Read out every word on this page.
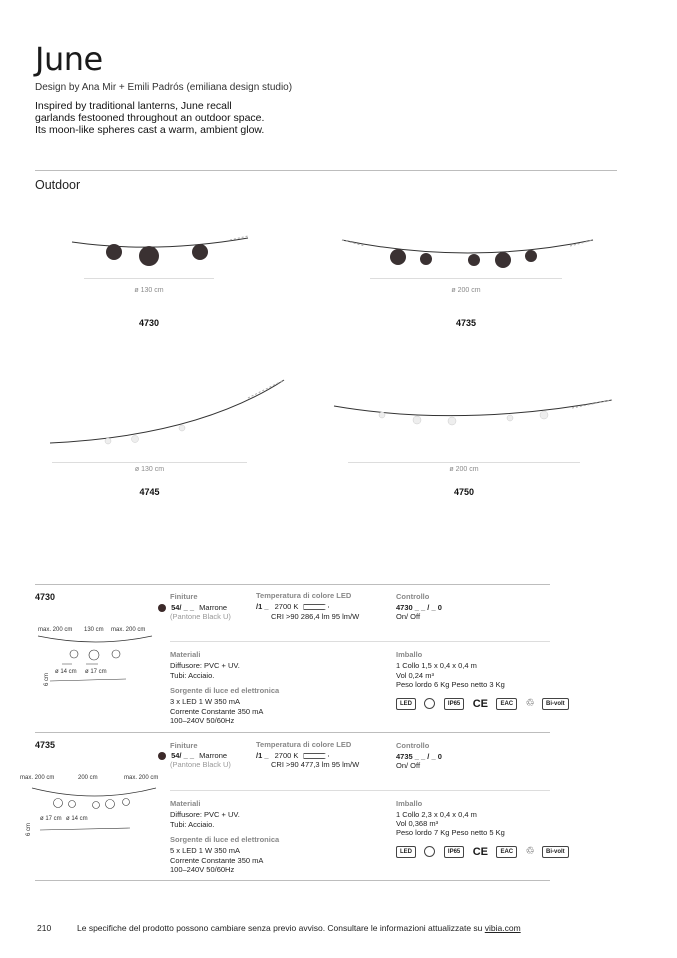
June
Design by Ana Mir + Emili Padrós (emiliana design studio)

Inspired by traditional lanterns, June recall

garlands festooned throughout an outdoor space.

Its moon-like spheres cast a warm, ambient glow.

Outdoor
ø 130 cm
4730
ø 200 cm
4735
ø 130 cm
4745
ø 200 cm
4750
4730
max. 200 cm 130 cm max. 200 cm
ø 14 cm ø 17 cm
6 cm
Finiture
54/ _ _ Marrone
(Pantone Black U)
Temperatura di colore LED
/1 _ 2700 K
CRI >90 286,4 lm 95 lm/W
Controllo
4730 _ _ / _ 0
On/ Off
Materiali
Diffusore: PVC + UV.
Tubi: Acciaio.
Sorgente di luce ed elettronica
3 x LED 1 W 350 mA
Corrente Constante 350 mA
100–240V 50/60Hz
Imballo
1 Collo 1,5 x 0,4 x 0,4 m
Vol 0,24 m³
Peso lordo 6 Kg Peso netto 3 Kg
LED	IP65 CE EAC ♲ Bi-volt
4735
max. 200 cm	200 cm	max. 200 cm
ø 17 cm ø 14 cm
6 cm
Finiture
54/ _ _ Marrone
(Pantone Black U)
Temperatura di colore LED
/1 _ 2700 K
CRI >90 477,3 lm 95 lm/W
Controllo
4735 _ _ / _ 0
On/ Off
Materiali
Diffusore: PVC + UV.
Tubi: Acciaio.
Sorgente di luce ed elettronica
5 x LED 1 W 350 mA
Corrente Constante 350 mA
100–240V 50/60Hz
Imballo
1 Collo 2,3 x 0,4 x 0,4 m
Vol 0,368 m³
Peso lordo 7 Kg Peso netto 5 Kg
LED	IP65 CE EAC ♲ Bi-volt
210	Le specifiche del prodotto possono cambiare senza previo avviso. Consultare le informazioni attualizzate su vibia.com
